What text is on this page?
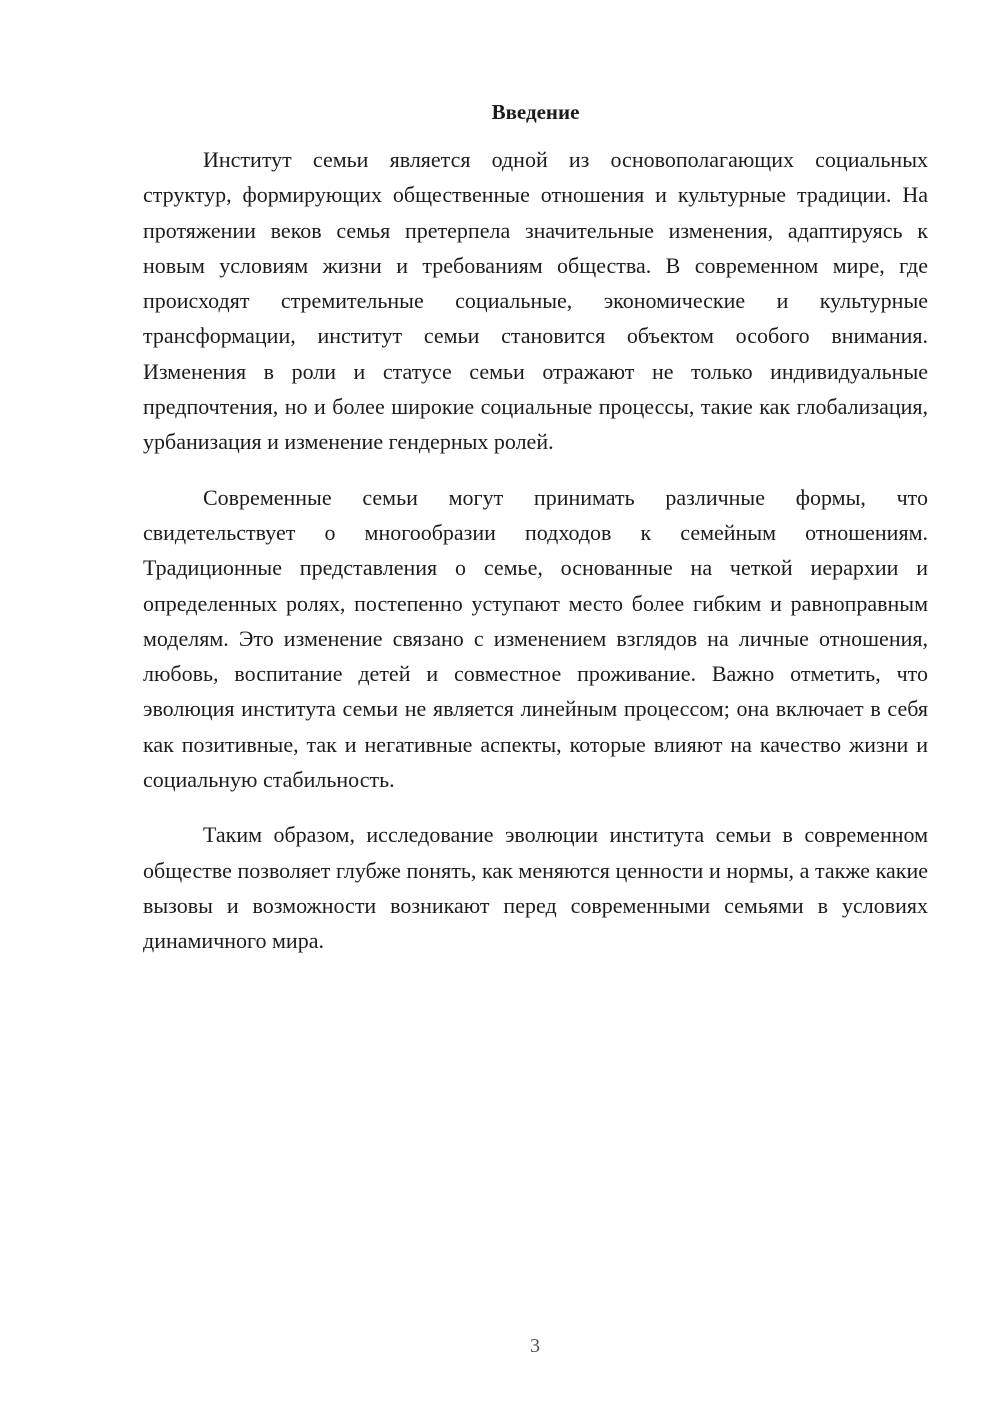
Введение

Институт семьи является одной из основополагающих социальных структур, формирующих общественные отношения и культурные традиции. На протяжении веков семья претерпела значительные изменения, адаптируясь к новым условиям жизни и требованиям общества. В современном мире, где происходят стремительные социальные, экономические и культурные трансформации, институт семьи становится объектом особого внимания. Изменения в роли и статусе семьи отражают не только индивидуальные предпочтения, но и более широкие социальные процессы, такие как глобализация, урбанизация и изменение гендерных ролей.

Современные семьи могут принимать различные формы, что свидетельствует о многообразии подходов к семейным отношениям. Традиционные представления о семье, основанные на четкой иерархии и определенных ролях, постепенно уступают место более гибким и равноправным моделям. Это изменение связано с изменением взглядов на личные отношения, любовь, воспитание детей и совместное проживание. Важно отметить, что эволюция института семьи не является линейным процессом; она включает в себя как позитивные, так и негативные аспекты, которые влияют на качество жизни и социальную стабильность.

Таким образом, исследование эволюции института семьи в современном обществе позволяет глубже понять, как меняются ценности и нормы, а также какие вызовы и возможности возникают перед современными семьями в условиях динамичного мира.

3
